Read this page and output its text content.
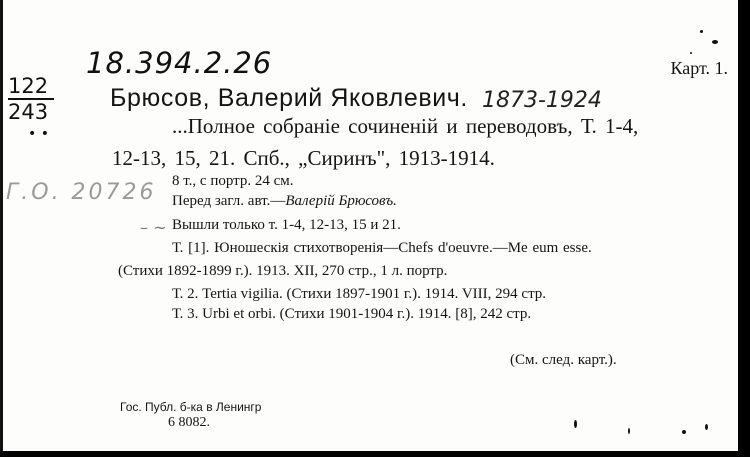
18.394.2.26
122
243
• •
Карт. 1.
Брюсов, Валерий Яковлевич. 1873-1924
...Полное собраніе сочиненій и переводовъ, Т. 1-4,
12-13, 15, 21. Спб., „Сиринъ", 1913-1914.
8 т., с портр. 24 см.
Перед загл. авт.—Валерій Брюсовъ.
Вышли только т. 1-4, 12-13, 15 и 21.
Т. [1]. Юношескія стихотворенія—Chefs d'oeuvre.—Me eum esse.
(Стихи 1892-1899 г.). 1913. XII, 270 стр., 1 л. портр.
Т. 2. Tertia vigilia. (Стихи 1897-1901 г.). 1914. VIII, 294 стр.
Т. 3. Urbi et orbi. (Стихи 1901-1904 г.). 1914. [8], 242 стр.
(См. след. карт.).
Гос. Публ. б-ка в Ленингр
6 8082.
Г.О. 20726
– ~
